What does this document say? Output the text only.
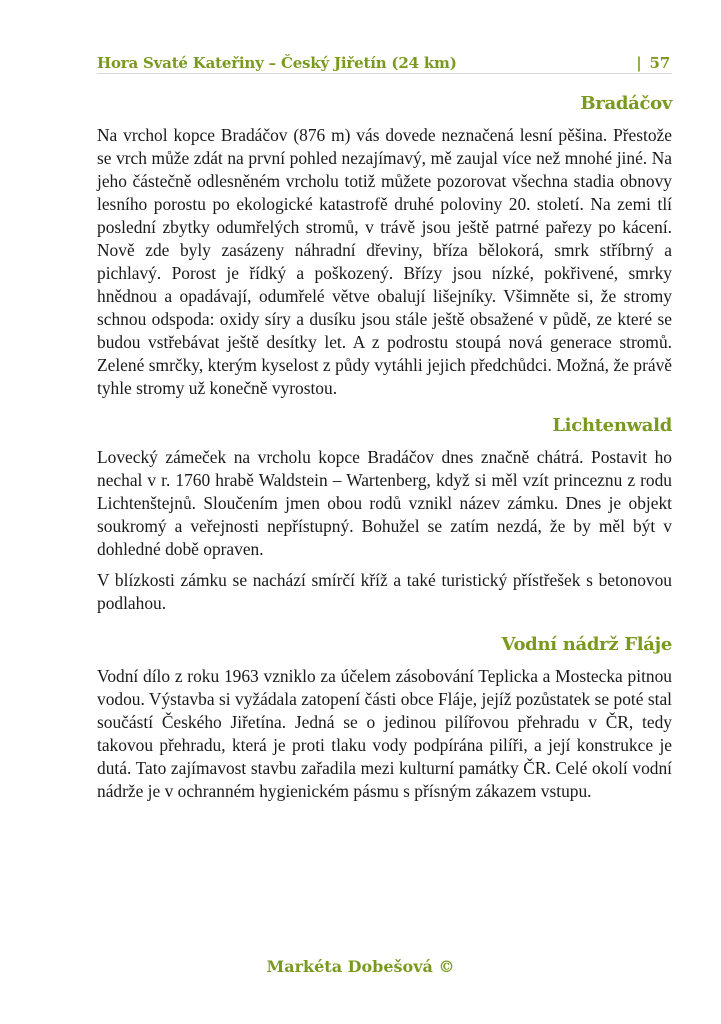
Hora Svaté Kateřiny – Český Jiřetín (24 km)	| 57
Bradáčov

Na vrchol kopce Bradáčov (876 m) vás dovede neznačená lesní pěšina. Přestože se vrch může zdát na první pohled nezajímavý, mě zaujal více než mnohé jiné. Na jeho částečně odlesněném vrcholu totiž můžete pozorovat všechna stadia obnovy lesního porostu po ekologické katastrofě druhé poloviny 20. století. Na zemi tlí poslední zbytky odumřelých stromů, v trávě jsou ještě patrné pařezy po kácení. Nově zde byly zasázeny náhradní dřeviny, bříza bělokorá, smrk stříbrný a pichlavý. Porost je řídký a poškozený. Břízy jsou nízké, pokřivené, smrky hnědnou a opadávají, odumřelé větve obalují lišejníky. Všimněte si, že stromy schnou odspoda: oxidy síry a dusíku jsou stále ještě obsažené v půdě, ze které se budou vstřebávat ještě desítky let. A z podrostu stoupá nová generace stromů. Zelené smrčky, kterým kyselost z půdy vytáhli jejich předchůdci. Možná, že právě tyhle stromy už konečně vyrostou.

Lichtenwald

Lovecký zámeček na vrcholu kopce Bradáčov dnes značně chátrá. Postavit ho nechal v r. 1760 hrabě Waldstein – Wartenberg, když si měl vzít princeznu z rodu Lichtenštejnů. Sloučením jmen obou rodů vznikl název zámku. Dnes je objekt soukromý a veřejnosti nepřístupný. Bohužel se zatím nezdá, že by měl být v dohledné době opraven.

V blízkosti zámku se nachází smírčí kříž a také turistický přístřešek s betonovou podlahou.

Vodní nádrž Fláje

Vodní dílo z roku 1963 vzniklo za účelem zásobování Teplicka a Mostecka pitnou vodou. Výstavba si vyžádala zatopení části obce Fláje, jejíž pozůstatek se poté stal součástí Českého Jiřetína. Jedná se o jedinou pilířovou přehradu v ČR, tedy takovou přehradu, která je proti tlaku vody podpírána pilíři, a její konstrukce je dutá. Tato zajímavost stavbu zařadila mezi kulturní památky ČR. Celé okolí vodní nádrže je v ochranném hygienickém pásmu s přísným zákazem vstupu.

Markéta Dobešová ©
